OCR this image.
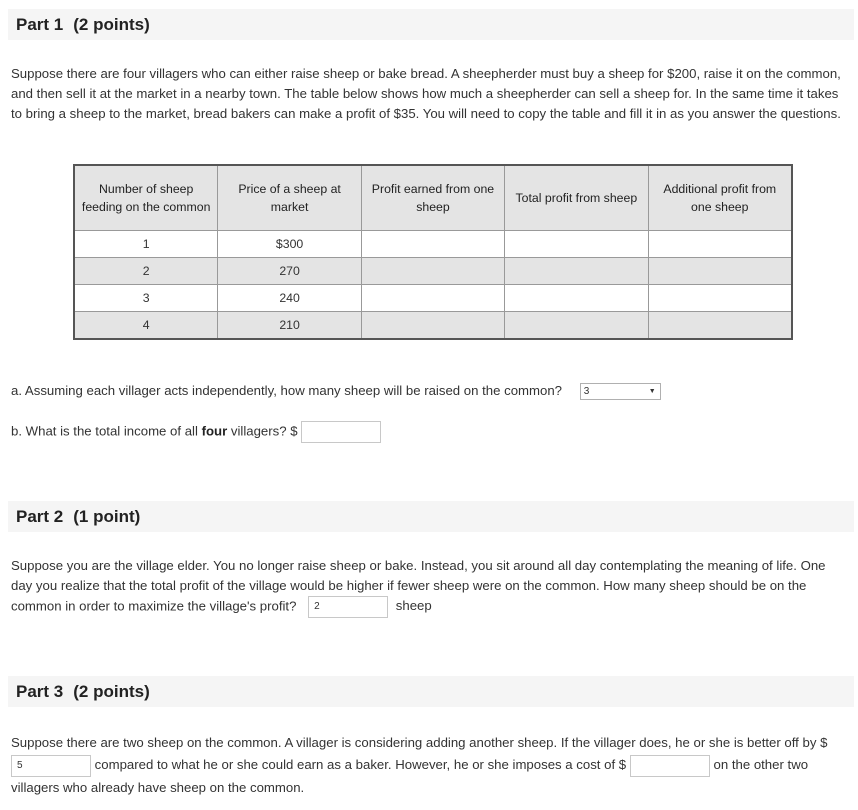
Part 1 (2 points)
Suppose there are four villagers who can either raise sheep or bake bread. A sheepherder must buy a sheep for $200, raise it on the common, and then sell it at the market in a nearby town. The table below shows how much a sheepherder can sell a sheep for. In the same time it takes to bring a sheep to the market, bread bakers can make a profit of $35. You will need to copy the table and fill it in as you answer the questions.
Number of sheep feeding on the common	Price of a sheep at market	Profit earned from one sheep	Total profit from sheep	Additional profit from one sheep
1	$300			
2	270			
3	240			
4	210			
a. Assuming each villager acts independently, how many sheep will be raised on the common? 3	▼
b. What is the total income of all four villagers? $
Part 2 (1 point)
Suppose you are the village elder. You no longer raise sheep or bake. Instead, you sit around all day contemplating the meaning of life. One day you realize that the total profit of the village would be higher if fewer sheep were on the common. How many sheep should be on the common in order to maximize the village's profit? 2	sheep
Part 3 (2 points)
Suppose there are two sheep on the common. A villager is considering adding another sheep. If the villager does, he or she is better off by $ 5	compared to what he or she could earn as a baker. However, he or she imposes a cost of $	on the other two villagers who already have sheep on the common.
